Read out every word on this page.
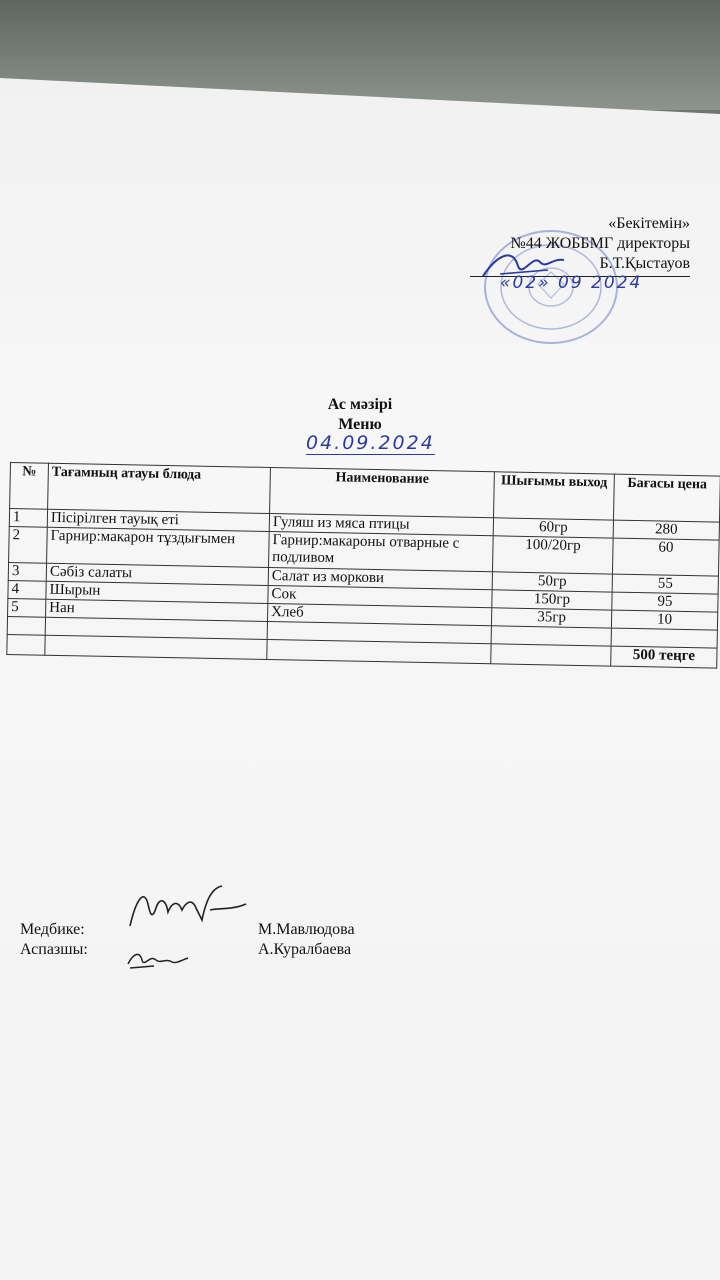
«Бекітемін»
№44 ЖОББМГ директоры
Б.Т.Қыстауов
«02» 09 2024
Ас мәзірі
Меню
04.09.2024
№	Тағамның атауы блюда	Наименование	Шығымы выход	Бағасы цена
1	Пісірілген тауық еті	Гуляш из мяса птицы	60гр	280
2	Гарнир:макарон тұздығымен	Гарнир:макароны отварные с подливом	100/20гр	60
3	Сәбіз салаты	Салат из моркови	50гр	55
4	Шырын	Сок	150гр	95
5	Нан	Хлеб	35гр	10

				500 теңге
Медбике:	М.Мавлюдова
Аспазшы:	А.Куралбаева
